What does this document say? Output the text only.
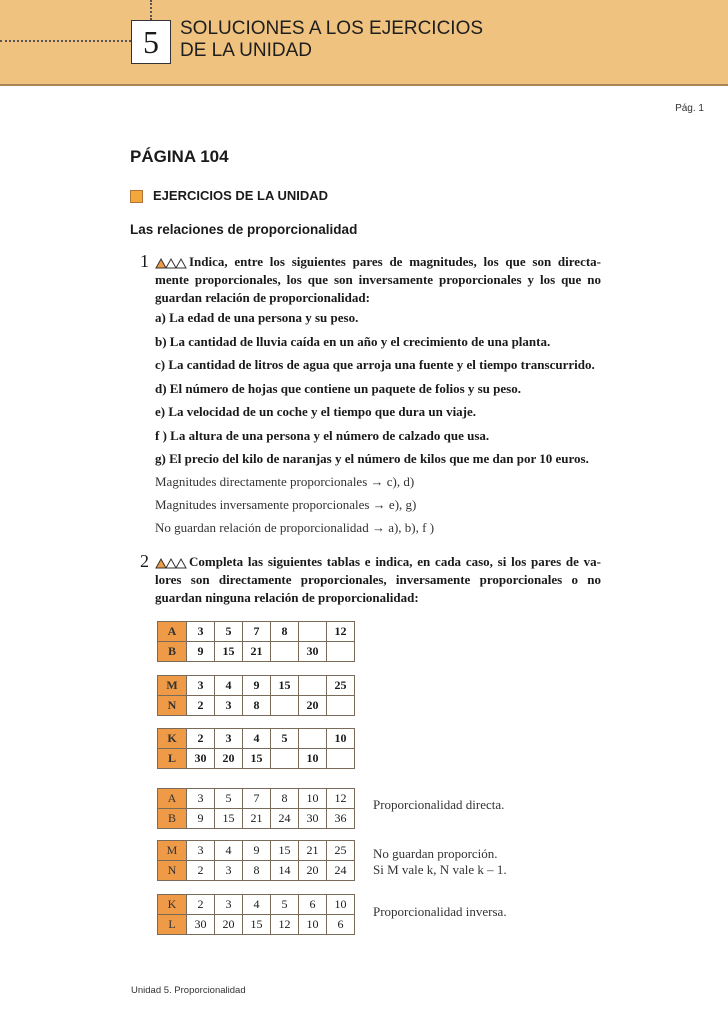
5	SOLUCIONES A LOS EJERCICIOS
DE LA UNIDAD
Pág. 1
PÁGINA 104
EJERCICIOS DE LA UNIDAD
Las relaciones de proporcionalidad
1	Indica, entre los siguientes pares de magnitudes, los que son directa-
mente proporcionales, los que son inversamente proporcionales y los que no
guardan relación de proporcionalidad:
a) La edad de una persona y su peso.
b) La cantidad de lluvia caída en un año y el crecimiento de una planta.
c) La cantidad de litros de agua que arroja una fuente y el tiempo transcurrido.
d) El número de hojas que contiene un paquete de folios y su peso.
e) La velocidad de un coche y el tiempo que dura un viaje.
f ) La altura de una persona y el número de calzado que usa.
g) El precio del kilo de naranjas y el número de kilos que me dan por 10 euros.
Magnitudes directamente proporcionales → c), d)
Magnitudes inversamente proporcionales → e), g)
No guardan relación de proporcionalidad → a), b), f )
2	Completa las siguientes tablas e indica, en cada caso, si los pares de va-
lores son directamente proporcionales, inversamente proporcionales o no
guardan ninguna relación de proporcionalidad:
A	3	5	7	8		12
B	9	15	21		30	
M	3	4	9	15		25
N	2	3	8		20	
K	2	3	4	5		10
L	30	20	15		10	
A	3	5	7	8	10	12
B	9	15	21	24	30	36
Proporcionalidad directa.
M	3	4	9	15	21	25
N	2	3	8	14	20	24
No guardan proporción.
Si M vale k, N vale k – 1.
K	2	3	4	5	6	10
L	30	20	15	12	10	6
Proporcionalidad inversa.
Unidad 5. Proporcionalidad
